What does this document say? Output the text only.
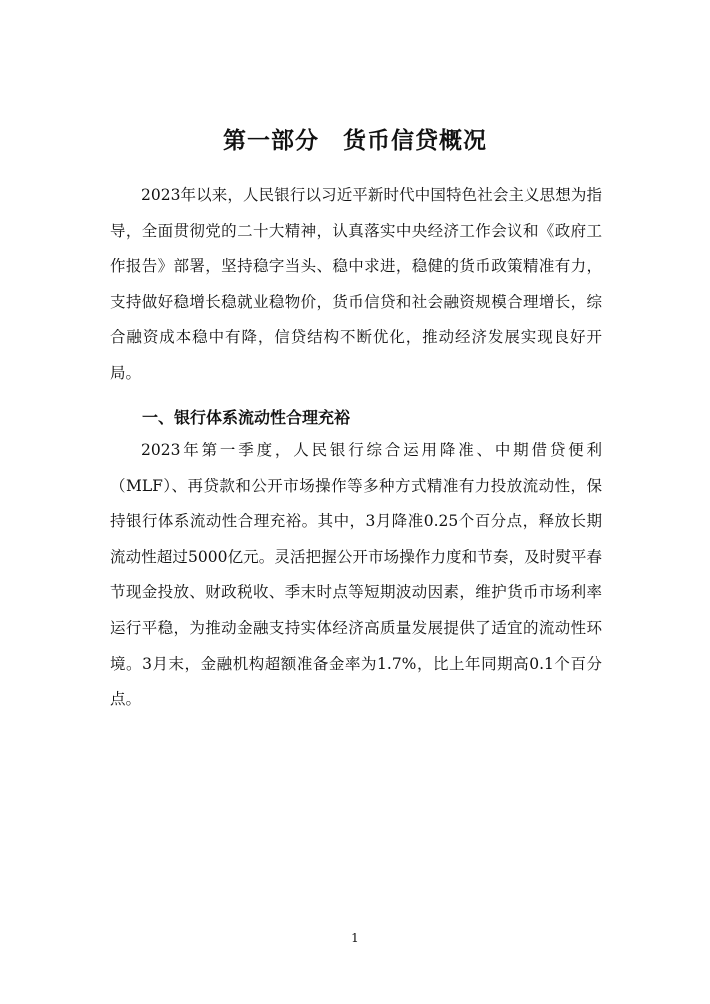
第一部分　货币信贷概况

2023年以来，人民银行以习近平新时代中国特色社会主义思想为指导，全面贯彻党的二十大精神，认真落实中央经济工作会议和《政府工作报告》部署，坚持稳字当头、稳中求进，稳健的货币政策精准有力，支持做好稳增长稳就业稳物价，货币信贷和社会融资规模合理增长，综合融资成本稳中有降，信贷结构不断优化，推动经济发展实现良好开局。

一、银行体系流动性合理充裕

2023年第一季度，人民银行综合运用降准、中期借贷便利（MLF）、再贷款和公开市场操作等多种方式精准有力投放流动性，保持银行体系流动性合理充裕。其中，3月降准0.25个百分点，释放长期流动性超过5000亿元。灵活把握公开市场操作力度和节奏，及时熨平春节现金投放、财政税收、季末时点等短期波动因素，维护货币市场利率运行平稳，为推动金融支持实体经济高质量发展提供了适宜的流动性环境。3月末，金融机构超额准备金率为1.7%，比上年同期高0.1个百分点。

1
